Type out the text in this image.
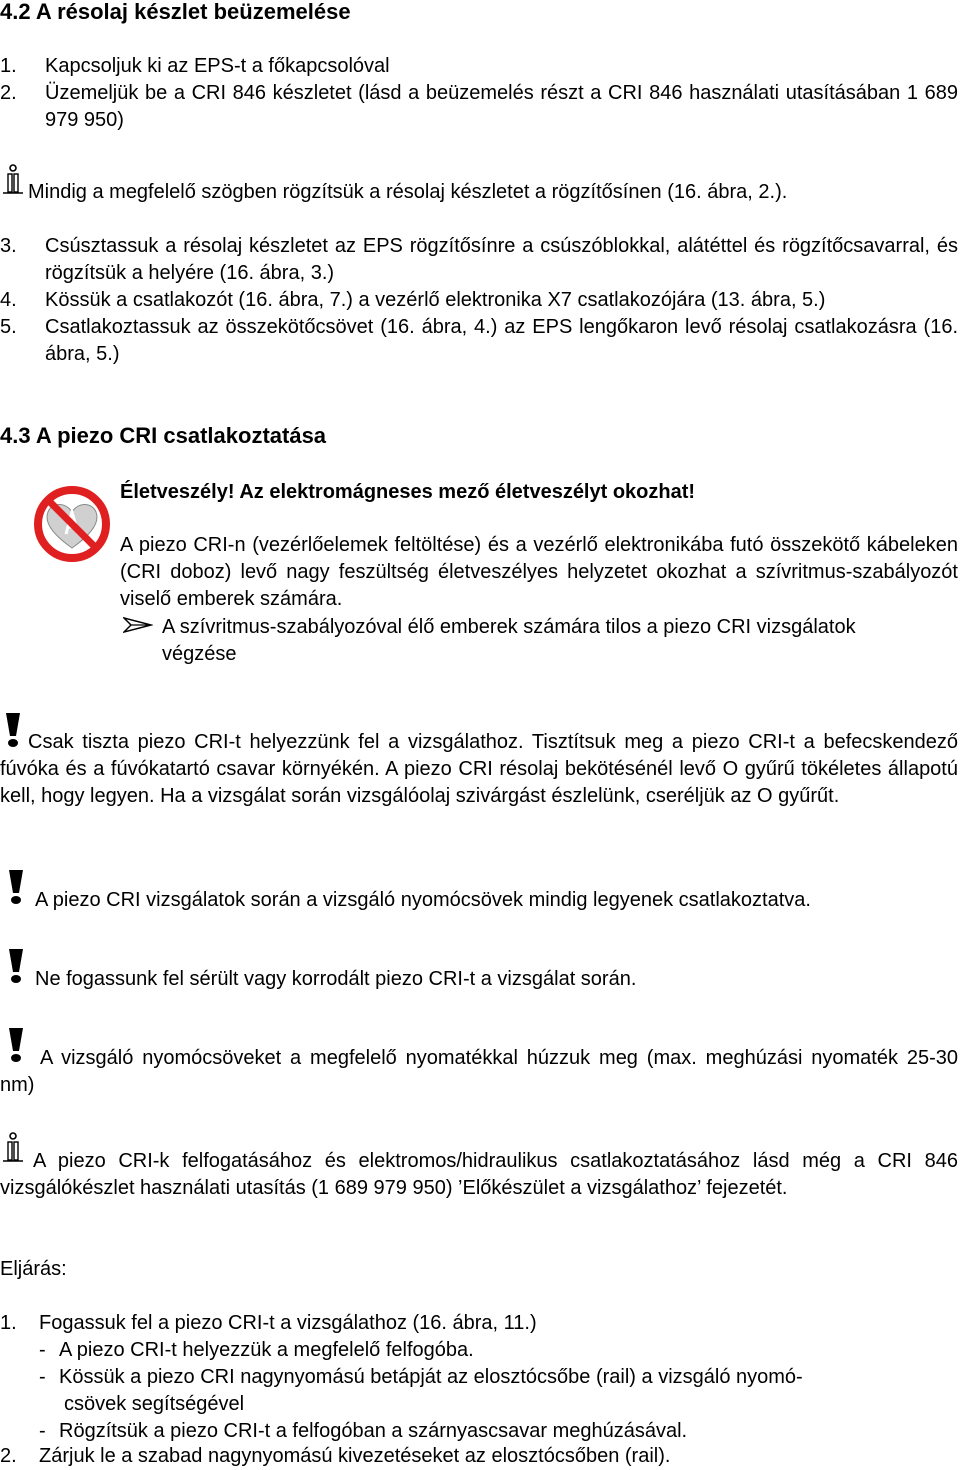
4.2 A résolaj készlet beüzemelése
1. Kapcsoljuk ki az EPS-t a főkapcsolóval
2. Üzemeljük be a CRI 846 készletet (lásd a beüzemelés részt a CRI 846 használati utasításában 1 689 979 950)
Mindig a megfelelő szögben rögzítsük a résolaj készletet a rögzítősínen (16. ábra, 2.).
3. Csúsztassuk a résolaj készletet az EPS rögzítősínre a csúszóblokkal, alátéttel és rögzítőcsavarral, és rögzítsük a helyére (16. ábra, 3.)
4. Kössük a csatlakozót (16. ábra, 7.) a vezérlő elektronika X7 csatlakozójára (13. ábra, 5.)
5. Csatlakoztassuk az összekötőcsövet (16. ábra, 4.) az EPS lengőkaron levő résolaj csatlakozásra (16. ábra, 5.)
4.3 A piezo CRI csatlakoztatása
Életveszély! Az elektromágneses mező életveszélyt okozhat!
A piezo CRI-n (vezérlőelemek feltöltése) és a vezérlő elektronikába futó összekötő kábeleken (CRI doboz) levő nagy feszültség életveszélyes helyzetet okozhat a szívritmus-szabályozót viselő emberek számára.
A szívritmus-szabályozóval élő emberek számára tilos a piezo CRI vizsgálatok végzése
Csak tiszta piezo CRI-t helyezzünk fel a vizsgálathoz. Tisztítsuk meg a piezo CRI-t a befecskendező fúvóka és a fúvókatartó csavar környékén. A piezo CRI résolaj bekötésénél levő O gyűrű tökéletes állapotú kell, hogy legyen. Ha a vizsgálat során vizsgálóolaj szivárgást észlelünk, cseréljük az O gyűrűt.
A piezo CRI vizsgálatok során a vizsgáló nyomócsövek mindig legyenek csatlakoztatva.
Ne fogassunk fel sérült vagy korrodált piezo CRI-t a vizsgálat során.
A vizsgáló nyomócsöveket a megfelelő nyomatékkal húzzuk meg (max. meghúzási nyomaték 25-30 nm)
A piezo CRI-k felfogatásához és elektromos/hidraulikus csatlakoztatásához lásd még a CRI 846 vizsgálókészlet használati utasítás (1 689 979 950) ’Előkészület a vizsgálathoz’ fejezetét.
Eljárás:
1. Fogassuk fel a piezo CRI-t a vizsgálathoz (16. ábra, 11.)
- A piezo CRI-t helyezzük a megfelelő felfogóba.
- Kössük a piezo CRI nagynyomású betápját az elosztócsőbe (rail) a vizsgáló nyomó-
csövek segítségével
- Rögzítsük a piezo CRI-t a felfogóban a szárnyascsavar meghúzásával.
2. Zárjuk le a szabad nagynyomású kivezetéseket az elosztócsőben (rail).
